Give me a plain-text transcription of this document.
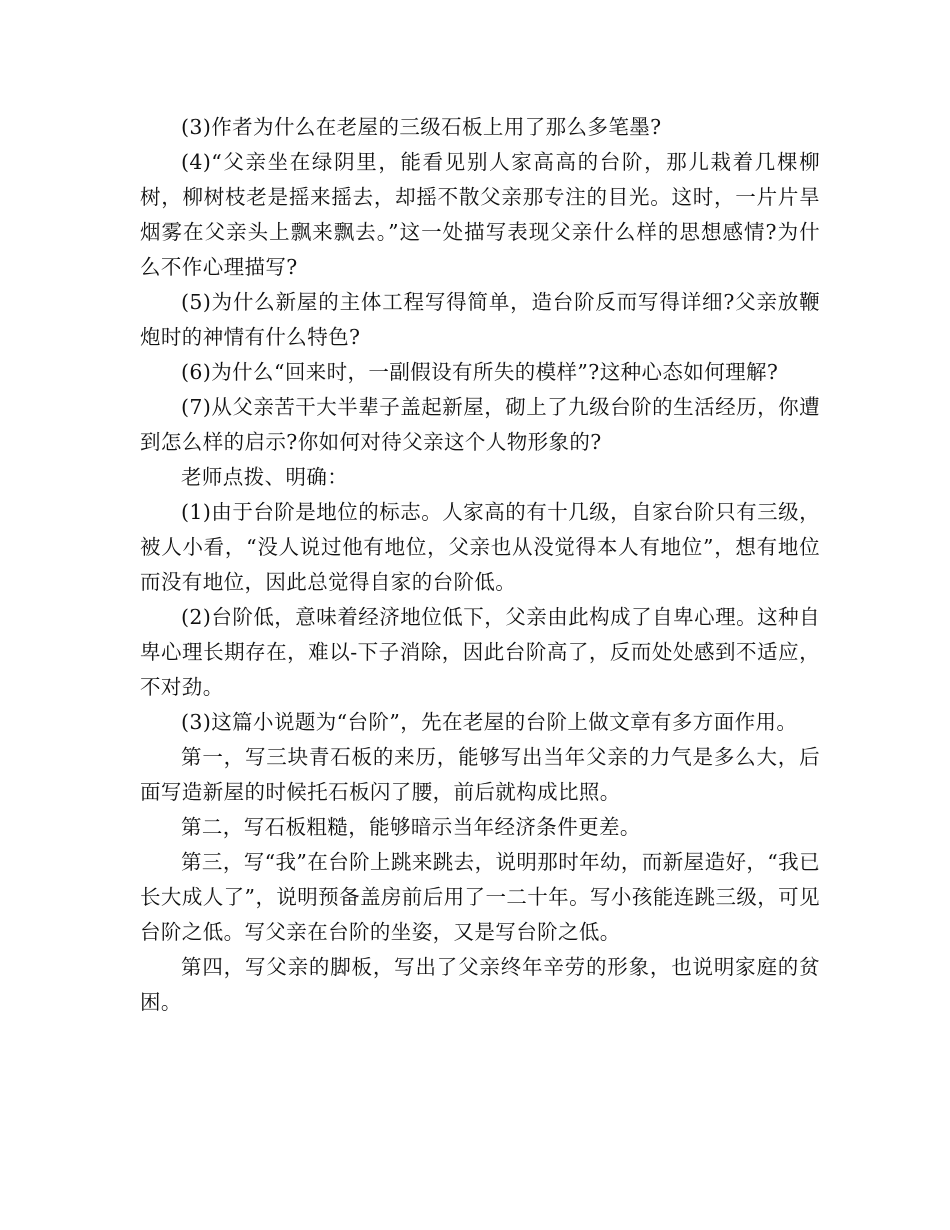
(3)作者为什么在老屋的三级石板上用了那么多笔墨?

(4)“父亲坐在绿阴里，能看见别人家高高的台阶，那儿栽着几棵柳树，柳树枝老是摇来摇去，却摇不散父亲那专注的目光。这时，一片片旱烟雾在父亲头上飘来飘去。”这一处描写表现父亲什么样的思想感情?为什么不作心理描写?

(5)为什么新屋的主体工程写得简单，造台阶反而写得详细?父亲放鞭炮时的神情有什么特色?

(6)为什么“回来时，一副假设有所失的模样”?这种心态如何理解?

(7)从父亲苦干大半辈子盖起新屋，砌上了九级台阶的生活经历，你遭到怎么样的启示?你如何对待父亲这个人物形象的?

老师点拨、明确：

(1)由于台阶是地位的标志。人家高的有十几级，自家台阶只有三级，被人小看，“没人说过他有地位，父亲也从没觉得本人有地位”，想有地位而没有地位，因此总觉得自家的台阶低。

(2)台阶低，意味着经济地位低下，父亲由此构成了自卑心理。这种自卑心理长期存在，难以-下子消除，因此台阶高了，反而处处感到不适应，不对劲。

(3)这篇小说题为“台阶”，先在老屋的台阶上做文章有多方面作用。

第一，写三块青石板的来历，能够写出当年父亲的力气是多么大，后面写造新屋的时候托石板闪了腰，前后就构成比照。

第二，写石板粗糙，能够暗示当年经济条件更差。

第三，写“我”在台阶上跳来跳去，说明那时年幼，而新屋造好，“我已长大成人了”，说明预备盖房前后用了一二十年。写小孩能连跳三级，可见台阶之低。写父亲在台阶的坐姿，又是写台阶之低。

第四，写父亲的脚板，写出了父亲终年辛劳的形象，也说明家庭的贫困。
